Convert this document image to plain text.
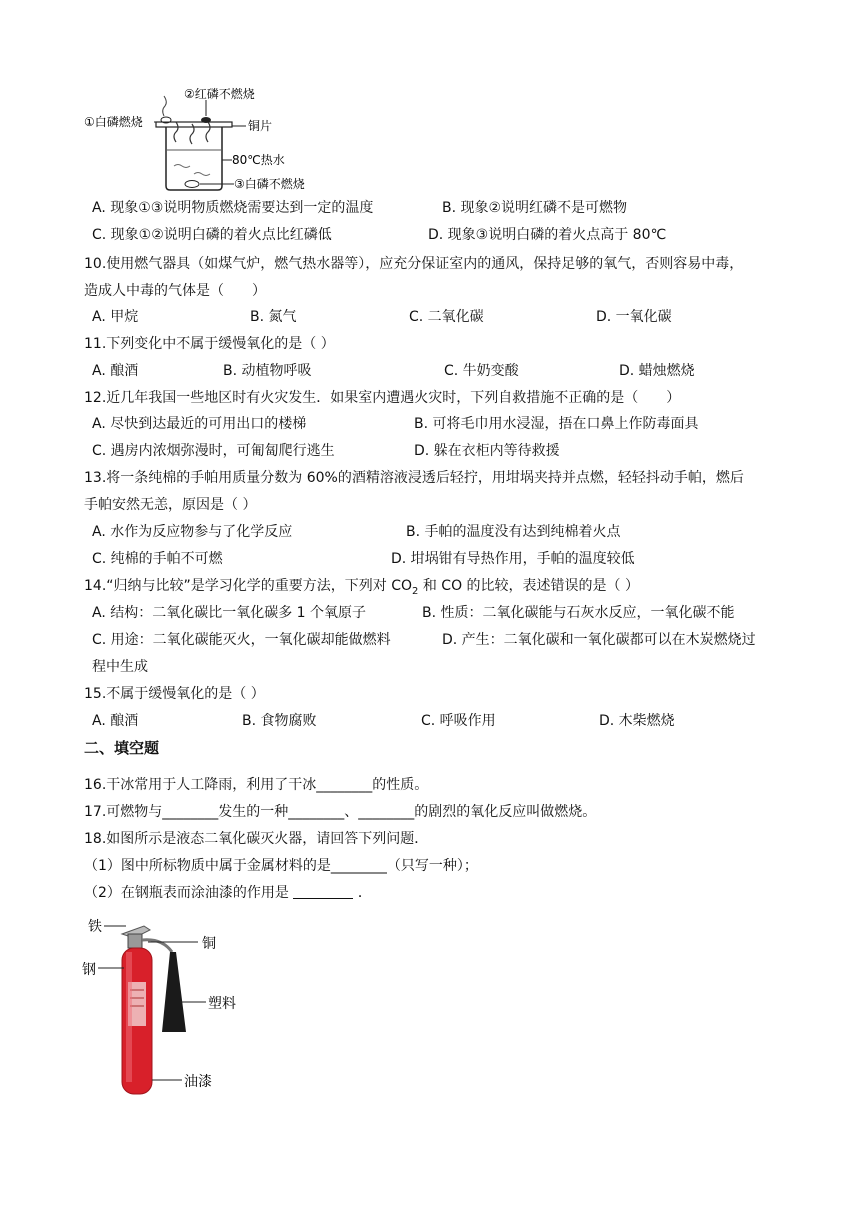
①白磷燃烧
②红磷不燃烧
铜片
80℃热水
③白磷不燃烧
A. 现象①③说明物质燃烧需要达到一定的温度	B. 现象②说明红磷不是可燃物
C. 现象①②说明白磷的着火点比红磷低	D. 现象③说明白磷的着火点高于 80℃
10.使用燃气器具（如煤气炉，燃气热水器等），应充分保证室内的通风，保持足够的氧气，否则容易中毒，
造成人中毒的气体是（　　）
A. 甲烷	B. 氮气	C. 二氧化碳	D. 一氧化碳
11.下列变化中不属于缓慢氧化的是（ ）
A. 酿酒	B. 动植物呼吸	C. 牛奶变酸	D. 蜡烛燃烧
12.近几年我国一些地区时有火灾发生．如果室内遭遇火灾时，下列自救措施不正确的是（　　）
A. 尽快到达最近的可用出口的楼梯	B. 可将毛巾用水浸湿，捂在口鼻上作防毒面具
C. 遇房内浓烟弥漫时，可匍匐爬行逃生	D. 躲在衣柜内等待救援
13.将一条纯棉的手帕用质量分数为 60%的酒精溶液浸透后轻拧，用坩埚夹持并点燃，轻轻抖动手帕，燃后
手帕安然无恙，原因是（ ）
A. 水作为反应物参与了化学反应	B. 手帕的温度没有达到纯棉着火点
C. 纯棉的手帕不可燃	D. 坩埚钳有导热作用，手帕的温度较低
14.“归纳与比较”是学习化学的重要方法，下列对 $CO_2$ 和 CO 的比较，表述错误的是（ ）
A. 结构：二氧化碳比一氧化碳多 1 个氧原子	B. 性质：二氧化碳能与石灰水反应，一氧化碳不能
C. 用途：二氧化碳能灭火，一氧化碳却能做燃料	D. 产生：二氧化碳和一氧化碳都可以在木炭燃烧过
程中生成
15.不属于缓慢氧化的是（ ）
A. 酿酒	B. 食物腐败	C. 呼吸作用	D. 木柴燃烧
二、填空题
16.干冰常用于人工降雨，利用了干冰________的性质。
17.可燃物与________发生的一种________、________的剧烈的氧化反应叫做燃烧。
18.如图所示是液态二氧化碳灭火器，请回答下列问题．
（1）图中所标物质中属于金属材料的是________（只写一种）；
（2）在钢瓶表而涂油漆的作用是	．
铁
铜
钢
塑料
油漆
